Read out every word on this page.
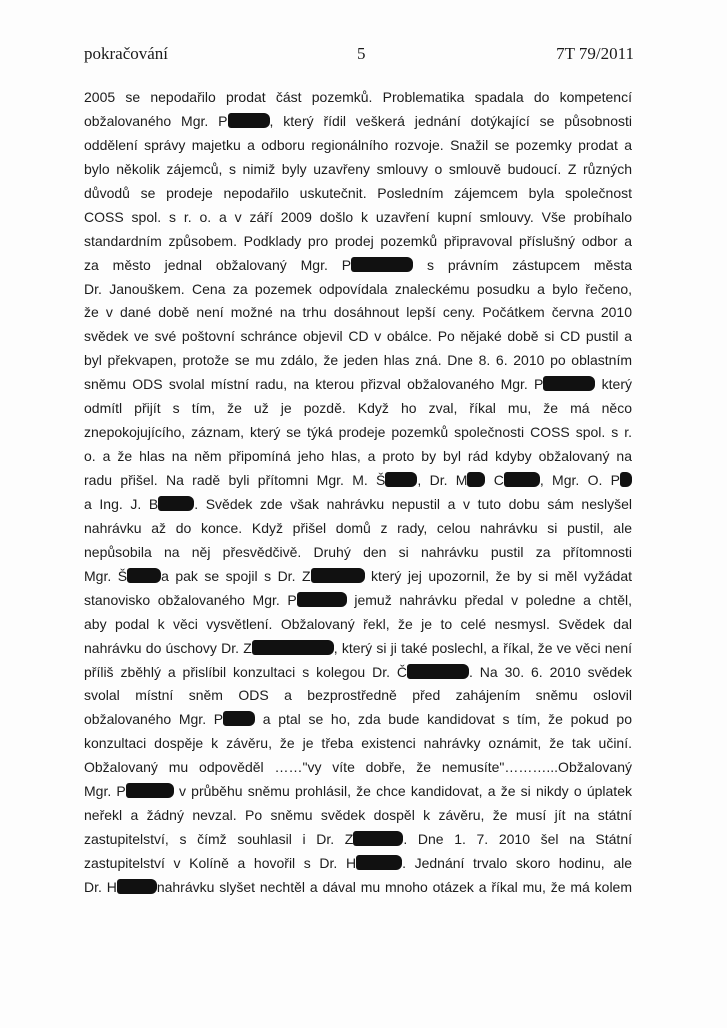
pokračování	5	7T 79/2011
2005 se nepodařilo prodat část pozemků. Problematika spadala do kompetencí
obžalovaného Mgr. P	, který řídil veškerá jednání dotýkající se působnosti
oddělení správy majetku a odboru regionálního rozvoje. Snažil se pozemky prodat a
bylo několik zájemců, s nimiž byly uzavřeny smlouvy o smlouvě budoucí. Z různých
důvodů se prodeje nepodařilo uskutečnit. Posledním zájemcem byla společnost
COSS spol. s r. o. a v září 2009 došlo k uzavření kupní smlouvy. Vše probíhalo
standardním způsobem. Podklady pro prodej pozemků připravoval příslušný odbor a
za město jednal obžalovaný Mgr. P	s právním zástupcem města
Dr. Janouškem. Cena za pozemek odpovídala znaleckému posudku a bylo řečeno,
že v dané době není možné na trhu dosáhnout lepší ceny. Počátkem června 2010
svědek ve své poštovní schránce objevil CD v obálce. Po nějaké době si CD pustil a
byl překvapen, protože se mu zdálo, že jeden hlas zná. Dne 8. 6. 2010 po oblastním
sněmu ODS svolal místní radu, na kterou přizval obžalovaného Mgr. P	který
odmítl přijít s tím, že už je pozdě. Když ho zval, říkal mu, že má něco
znepokojujícího, záznam, který se týká prodeje pozemků společnosti COSS spol. s r.
o. a že hlas na něm připomíná jeho hlas, a proto by byl rád kdyby obžalovaný na
radu přišel. Na radě byli přítomni Mgr. M. Š , Dr. M C	, Mgr. O. P
a Ing. J. B	. Svědek zde však nahrávku nepustil a v tuto dobu sám neslyšel
nahrávku až do konce. Když přišel domů z rady, celou nahrávku si pustil, ale
nepůsobila na něj přesvědčivě. Druhý den si nahrávku pustil za přítomnosti
Mgr. Š a pak se spojil s Dr. Z	který jej upozornil, že by si měl vyžádat
stanovisko obžalovaného Mgr. P	jemuž nahrávku předal v poledne a chtěl,
aby podal k věci vysvětlení. Obžalovaný řekl, že je to celé nesmysl. Svědek dal
nahrávku do úschovy Dr. Z	, který si ji také poslechl, a říkal, že ve věci není
příliš zběhlý a přislíbil konzultaci s kolegou Dr. Č	. Na 30. 6. 2010 svědek
svolal místní sněm ODS a bezprostředně před zahájením sněmu oslovil
obžalovaného Mgr. P a ptal se ho, zda bude kandidovat s tím, že pokud po
konzultaci dospěje k závěru, že je třeba existenci nahrávky oznámit, že tak učiní.
Obžalovaný mu odpověděl ……"vy víte dobře, že nemusíte"………...Obžalovaný
Mgr. P	v průběhu sněmu prohlásil, že chce kandidovat, a že si nikdy o úplatek
neřekl a žádný nevzal. Po sněmu svědek dospěl k závěru, že musí jít na státní
zastupitelství, s čímž souhlasil i Dr. Z	. Dne 1. 7. 2010 šel na Státní
zastupitelství v Kolíně a hovořil s Dr. H	. Jednání trvalo skoro hodinu, ale
Dr. H	nahrávku slyšet nechtěl a dával mu mnoho otázek a říkal mu, že má kolem
